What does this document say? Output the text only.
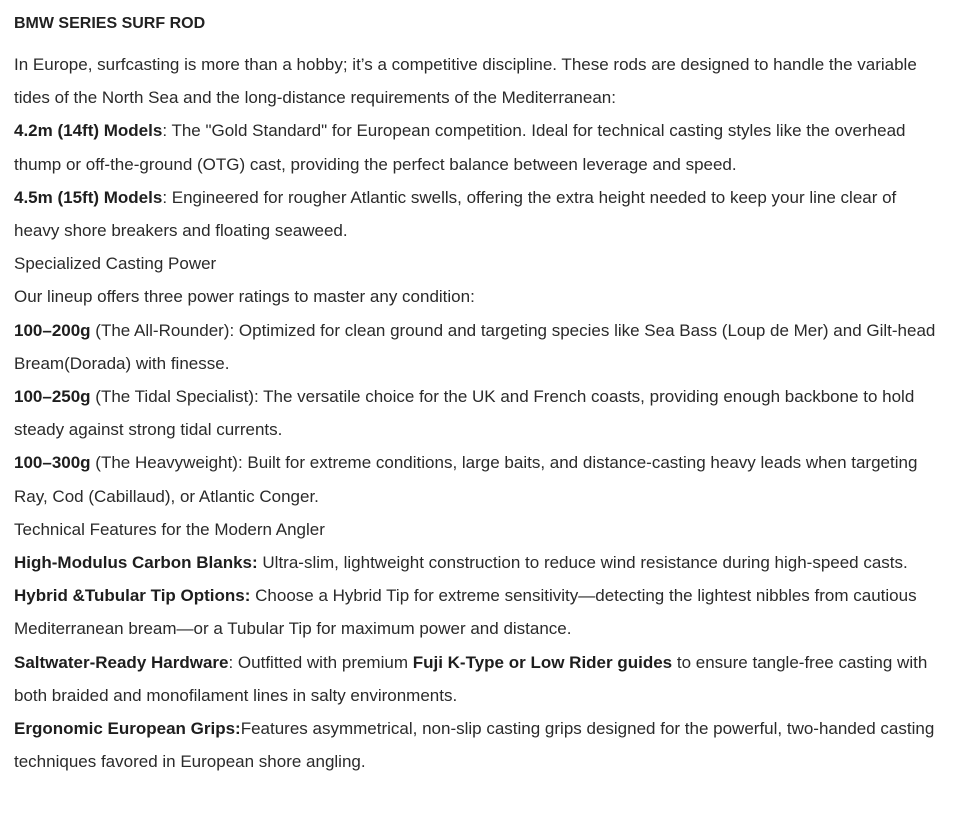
BMW SERIES SURF ROD

In Europe, surfcasting is more than a hobby; it’s a competitive discipline. These rods are designed to handle the variable tides of the North Sea and the long-distance requirements of the Mediterranean:

4.2m (14ft) Models: The "Gold Standard" for European competition. Ideal for technical casting styles like the overhead thump or off-the-ground (OTG) cast, providing the perfect balance between leverage and speed.

4.5m (15ft) Models: Engineered for rougher Atlantic swells, offering the extra height needed to keep your line clear of heavy shore breakers and floating seaweed.

Specialized Casting Power

Our lineup offers three power ratings to master any condition:

100–200g (The All-Rounder): Optimized for clean ground and targeting species like Sea Bass (Loup de Mer) and Gilt-head Bream(Dorada) with finesse.

100–250g (The Tidal Specialist): The versatile choice for the UK and French coasts, providing enough backbone to hold steady against strong tidal currents.

100–300g (The Heavyweight): Built for extreme conditions, large baits, and distance-casting heavy leads when targeting Ray, Cod (Cabillaud), or Atlantic Conger.

Technical Features for the Modern Angler

High-Modulus Carbon Blanks: Ultra-slim, lightweight construction to reduce wind resistance during high-speed casts.

Hybrid &Tubular Tip Options: Choose a Hybrid Tip for extreme sensitivity—detecting the lightest nibbles from cautious Mediterranean bream—or a Tubular Tip for maximum power and distance.

Saltwater-Ready Hardware: Outfitted with premium Fuji K-Type or Low Rider guides to ensure tangle-free casting with both braided and monofilament lines in salty environments.

Ergonomic European Grips:Features asymmetrical, non-slip casting grips designed for the powerful, two-handed casting techniques favored in European shore angling.
